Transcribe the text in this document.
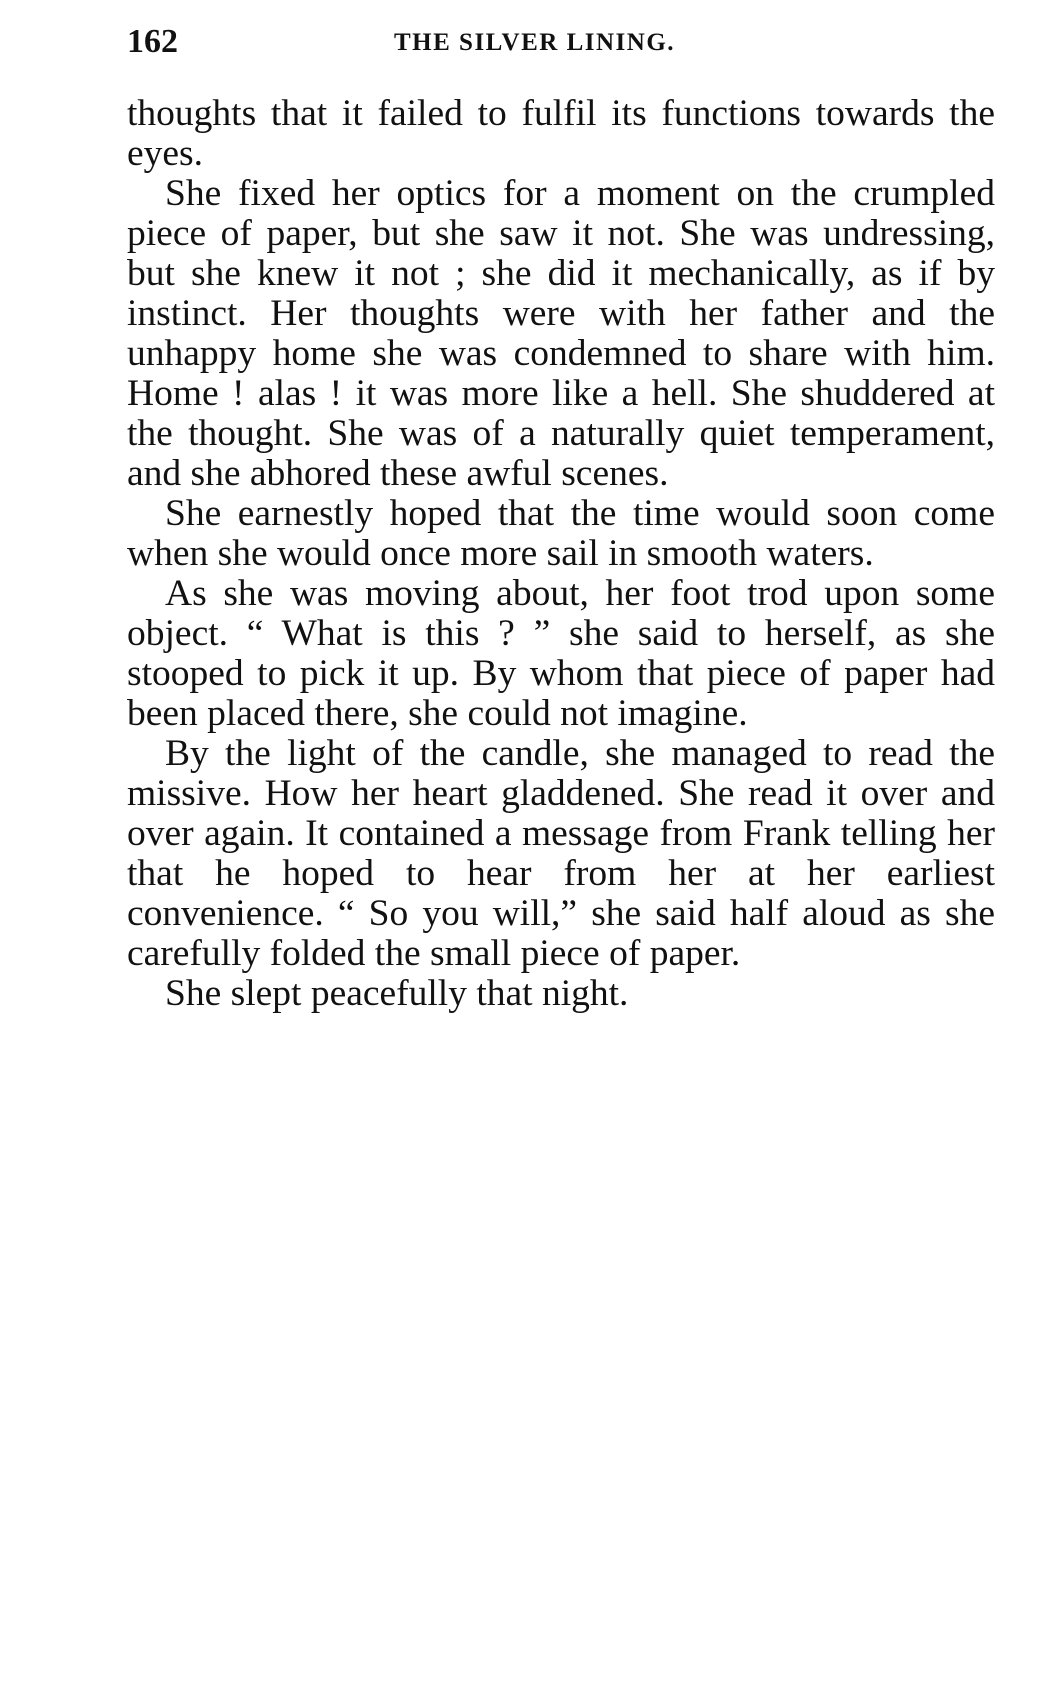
162	THE SILVER LINING.

thoughts that it failed to fulfil its functions towards the eyes.

She fixed her optics for a moment on the crumpled piece of paper, but she saw it not. She was undressing, but she knew it not ; she did it mechanically, as if by instinct. Her thoughts were with her father and the unhappy home she was condemned to share with him. Home ! alas ! it was more like a hell. She shuddered at the thought. She was of a naturally quiet temperament, and she abhored these awful scenes.

She earnestly hoped that the time would soon come when she would once more sail in smooth waters.

As she was moving about, her foot trod upon some object. “ What is this ? ” she said to herself, as she stooped to pick it up. By whom that piece of paper had been placed there, she could not imagine.

By the light of the candle, she managed to read the missive. How her heart gladdened. She read it over and over again. It contained a message from Frank telling her that he hoped to hear from her at her earliest convenience. “ So you will,” she said half aloud as she carefully folded the small piece of paper.

She slept peacefully that night.
